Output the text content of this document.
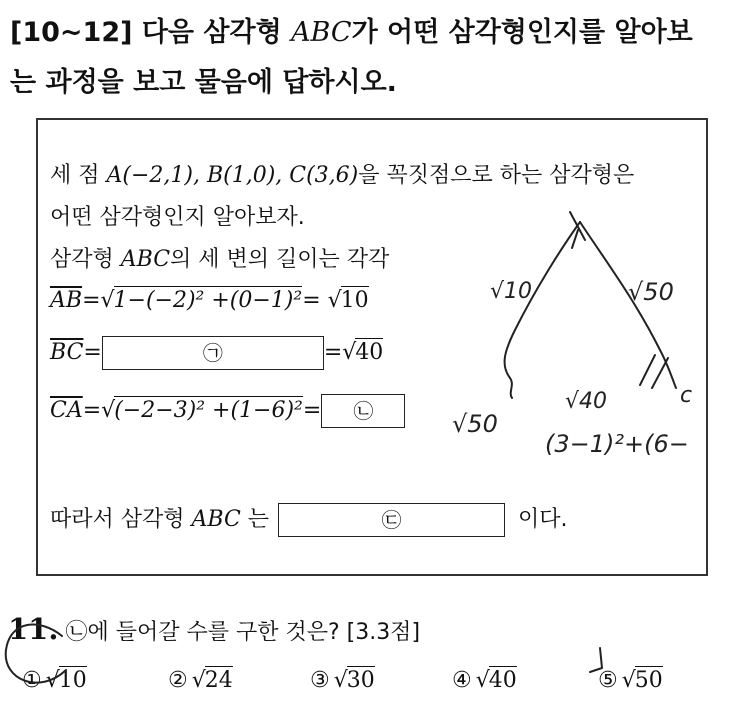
[10~12] 다음 삼각형 ABC가 어떤 삼각형인지를 알아보
는 과정을 보고 물음에 답하시오.
세 점 A(−2,1), B(1,0), C(3,6)을 꼭짓점으로 하는 삼각형은
어떤 삼각형인지 알아보자.
삼각형 ABC의 세 변의 길이는 각각
$\overline{AB}=√1-(-2)^2 +(0-1)^2= √10$
$\overline{BC}=$	㉠	=√40
$\overline{CA}=√(-2-3)^2 +(1-6)^2=$ ㉡
따라서 삼각형 ABC 는	㉢	이다.
11. ㉡에 들어갈 수를 구한 것은? [3.3점]
① √10	② √24	③ √30	④ √40	⑤ √50
√10	√50
√40
√50
(3−1)²+(6−
c
